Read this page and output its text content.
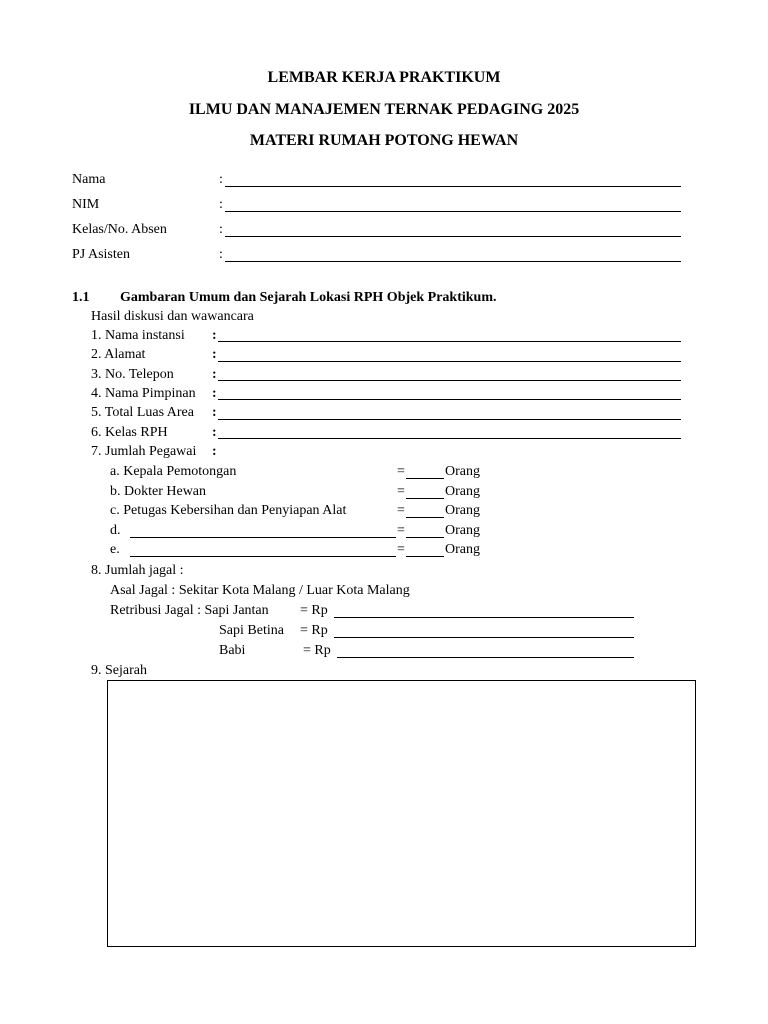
LEMBAR KERJA PRAKTIKUM
ILMU DAN MANAJEMEN TERNAK PEDAGING 2025
MATERI RUMAH POTONG HEWAN
Nama	:
NIM	:
Kelas/No. Absen	:
PJ Asisten	:
1.1 Gambaran Umum dan Sejarah Lokasi RPH Objek Praktikum.
Hasil diskusi dan wawancara
1. Nama instansi :
2. Alamat	:
3. No. Telepon	:
4. Nama Pimpinan :
5. Total Luas Area :
6. Kelas RPH	:
7. Jumlah Pegawai :
a. Kepala Pemotongan	=	Orang
b. Dokter Hewan	=	Orang
c. Petugas Kebersihan dan Penyiapan Alat	=	Orang
d.	=	Orang
e.	=	Orang
8. Jumlah jagal :
Asal Jagal : Sekitar Kota Malang / Luar Kota Malang
Retribusi Jagal : Sapi Jantan = Rp
Sapi Betina = Rp
Babi	= Rp
9. Sejarah
